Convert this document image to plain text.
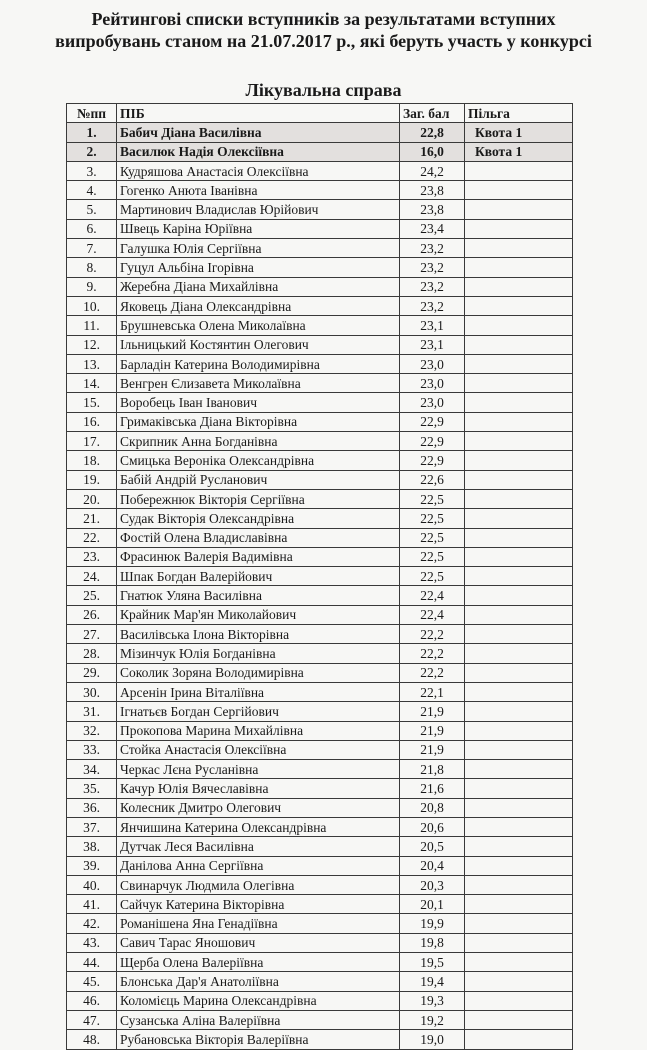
Рейтингові списки вступників за результатами вступних
випробувань станом на 21.07.2017 р., які беруть участь у конкурсі
Лікувальна справа
№пп	ПІБ	Заг. бал	Пільга
1.	Бабич Діана Василівна	22,8	Квота 1
2.	Василюк Надія Олексіївна	16,0	Квота 1
3.	Кудряшова Анастасія Олексіївна	24,2	
4.	Гогенко Анюта Іванівна	23,8	
5.	Мартинович Владислав Юрійович	23,8	
6.	Швець Каріна Юріївна	23,4	
7.	Галушка Юлія Сергіївна	23,2	
8.	Гуцул Альбіна Ігорівна	23,2	
9.	Жеребна Діана Михайлівна	23,2	
10.	Яковець Діана Олександрівна	23,2	
11.	Брушневська Олена Миколаївна	23,1	
12.	Ільницький Костянтин Олегович	23,1	
13.	Барладін Катерина Володимирівна	23,0	
14.	Венгрен Єлизавета Миколаївна	23,0	
15.	Воробець Іван Іванович	23,0	
16.	Гримаківська Діана Вікторівна	22,9	
17.	Скрипник Анна Богданівна	22,9	
18.	Смицька Вероніка Олександрівна	22,9	
19.	Бабій Андрій Русланович	22,6	
20.	Побережнюк Вікторія Сергіївна	22,5	
21.	Судак Вікторія Олександрівна	22,5	
22.	Фостій Олена Владиславівна	22,5	
23.	Фрасинюк Валерія Вадимівна	22,5	
24.	Шпак Богдан Валерійович	22,5	
25.	Гнатюк Уляна Василівна	22,4	
26.	Крайник Мар'ян Миколайович	22,4	
27.	Василівська Ілона Вікторівна	22,2	
28.	Мізинчук Юлія Богданівна	22,2	
29.	Соколик Зоряна Володимирівна	22,2	
30.	Арсенін Ірина Віталіївна	22,1	
31.	Ігнатьєв Богдан Сергійович	21,9	
32.	Прокопова Марина Михайлівна	21,9	
33.	Стойка Анастасія Олексіївна	21,9	
34.	Черкас Лєна Русланівна	21,8	
35.	Качур Юлія Вячеславівна	21,6	
36.	Колесник Дмитро Олегович	20,8	
37.	Янчишина Катерина Олександрівна	20,6	
38.	Дутчак Леся Василівна	20,5	
39.	Данілова Анна Сергіївна	20,4	
40.	Свинарчук Людмила Олегівна	20,3	
41.	Сайчук Катерина Вікторівна	20,1	
42.	Романішена Яна Генадіївна	19,9	
43.	Савич Тарас Яношович	19,8	
44.	Щерба Олена Валеріївна	19,5	
45.	Блонська Дар'я Анатоліївна	19,4	
46.	Коломієць Марина Олександрівна	19,3	
47.	Сузанська Аліна Валеріївна	19,2	
48.	Рубановська Вікторія Валеріївна	19,0	
